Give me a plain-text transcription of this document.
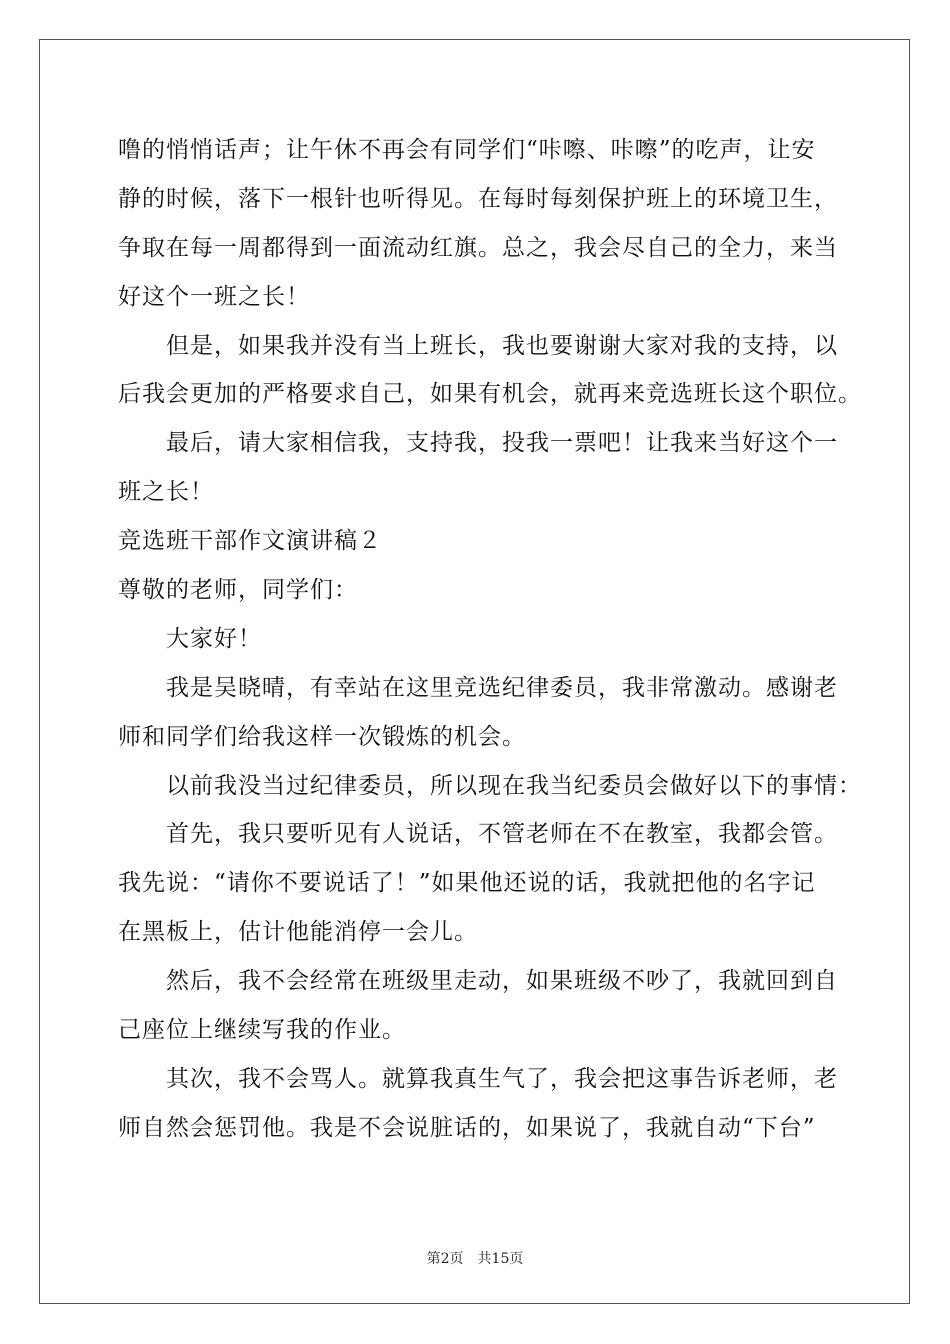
噜的悄悄话声；让午休不再会有同学们“咔嚓、咔嚓”的吃声，让安
静的时候，落下一根针也听得见。在每时每刻保护班上的环境卫生，
争取在每一周都得到一面流动红旗。总之，我会尽自己的全力，来当
好这个一班之长！
但是，如果我并没有当上班长，我也要谢谢大家对我的支持，以
后我会更加的严格要求自己，如果有机会，就再来竞选班长这个职位。
最后，请大家相信我，支持我，投我一票吧！让我来当好这个一
班之长！
竞选班干部作文演讲稿２
尊敬的老师，同学们：
大家好！
我是吴晓晴，有幸站在这里竞选纪律委员，我非常激动。感谢老
师和同学们给我这样一次锻炼的机会。
以前我没当过纪律委员，所以现在我当纪委员会做好以下的事情：
首先，我只要听见有人说话，不管老师在不在教室，我都会管。
我先说：“请你不要说话了！”如果他还说的话，我就把他的名字记
在黑板上，估计他能消停一会儿。
然后，我不会经常在班级里走动，如果班级不吵了，我就回到自
己座位上继续写我的作业。
其次，我不会骂人。就算我真生气了，我会把这事告诉老师，老
师自然会惩罚他。我是不会说脏话的，如果说了，我就自动“下台”
第2页 共15页
